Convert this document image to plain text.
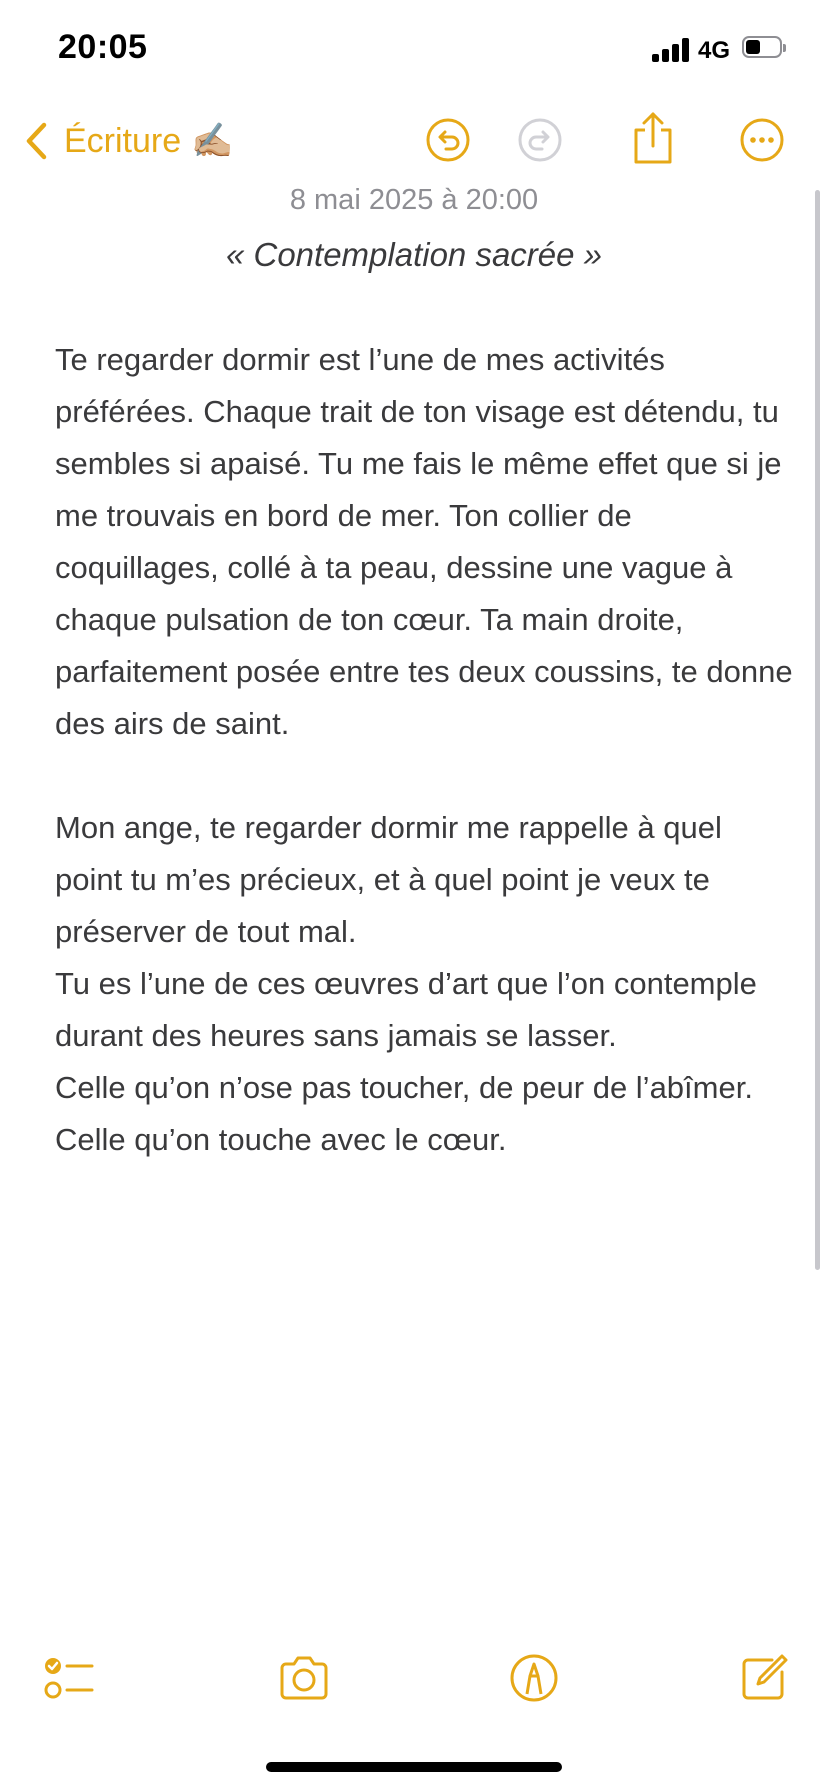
20:05	4G
Écriture ✍🏼
8 mai 2025 à 20:00
« Contemplation sacrée »

Te regarder dormir est l’une de mes activités préférées. Chaque trait de ton visage est détendu, tu sembles si apaisé. Tu me fais le même effet que si je me trouvais en bord de mer. Ton collier de coquillages, collé à ta peau, dessine une vague à chaque pulsation de ton cœur. Ta main droite, parfaitement posée entre tes deux coussins, te donne des airs de saint.

Mon ange, te regarder dormir me rappelle à quel point tu m’es précieux, et à quel point je veux te préserver de tout mal.

Tu es l’une de ces œuvres d’art que l’on contemple durant des heures sans jamais se lasser.

Celle qu’on n’ose pas toucher, de peur de l’abîmer.

Celle qu’on touche avec le cœur.
